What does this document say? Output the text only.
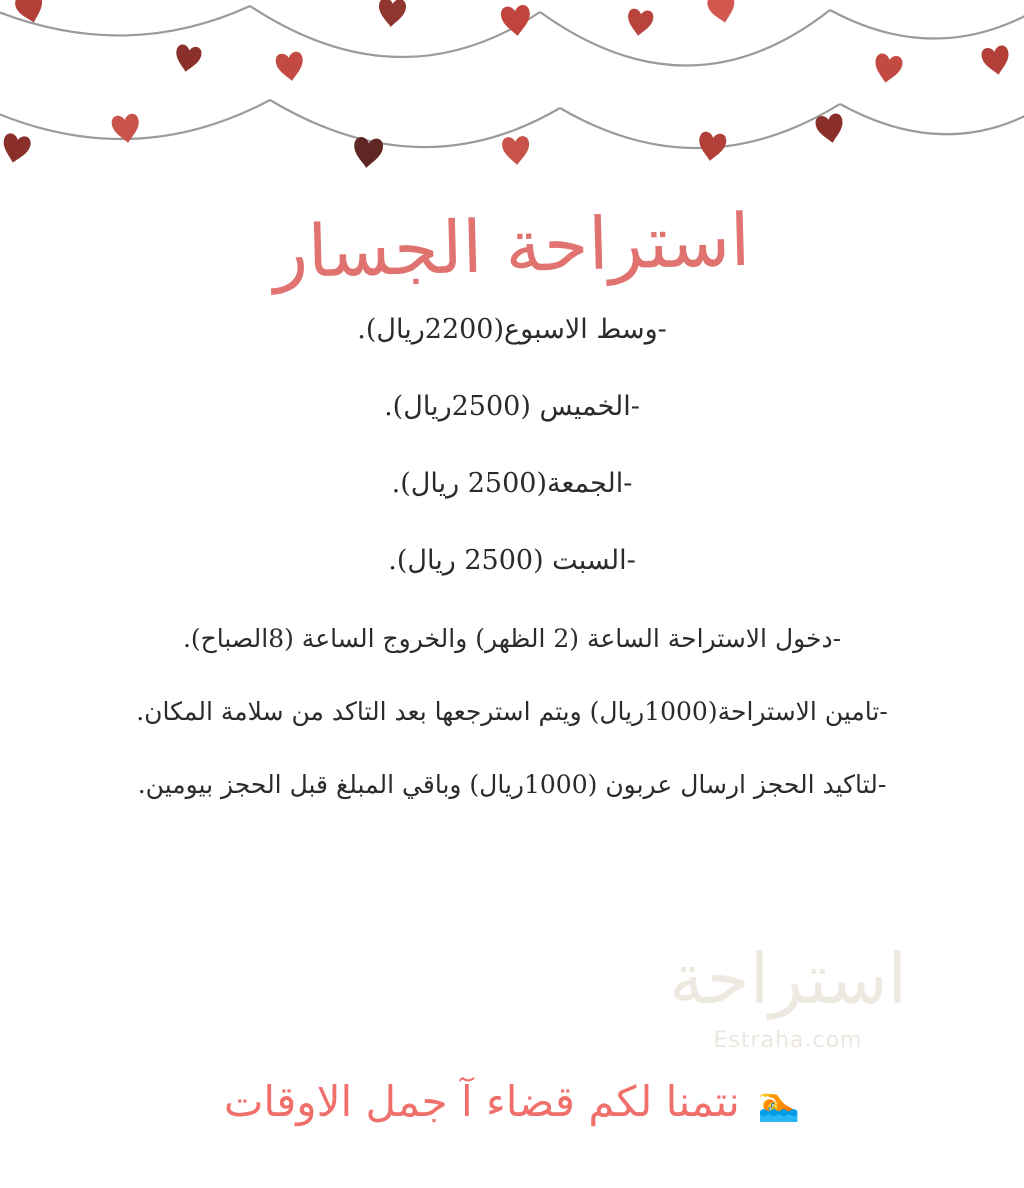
استراحة الجسار
-وسط الاسبوع(2200ريال).
-الخميس (2500ريال).
-الجمعة(2500 ريال).
-السبت (2500 ريال).
-دخول الاستراحة الساعة (2 الظهر) والخروج الساعة (8الصباح).
-تامين الاستراحة(1000ريال) ويتم استرجعها بعد التاكد من سلامة المكان.
-لتاكيد الحجز ارسال عربون (1000ريال) وباقي المبلغ قبل الحجز بيومين.
استراحة
Estraha.com
نتمنا لكم قضاء آ جمل الاوقات 🏊
